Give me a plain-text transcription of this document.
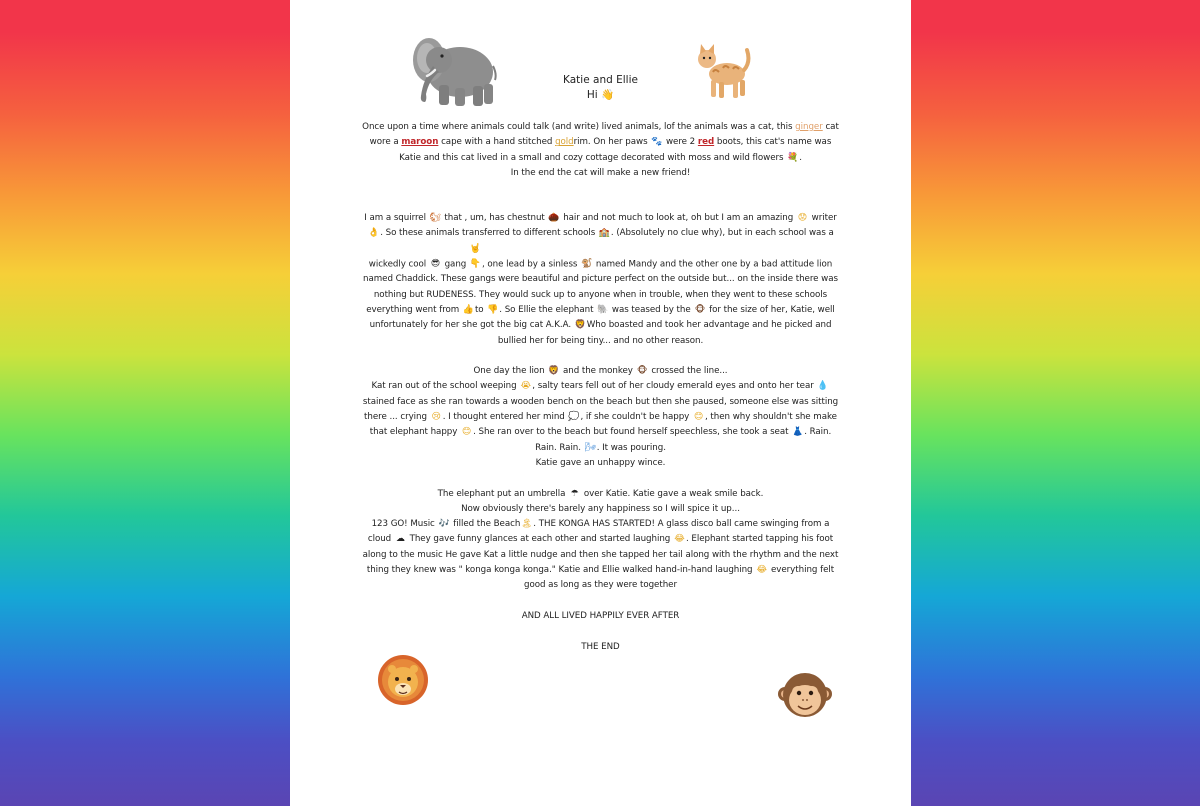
Katie and Ellie
Hi 👋

Once upon a time where animals could talk (and write) lived animals, lof the animals was a cat, this ginger cat wore a maroon cape with a hand stitched goldrim. On her paws 🐾 were 2 red boots, this cat's name was Katie and this cat lived in a small and cozy cottage decorated with moss and wild flowers 💐.
In the end the cat will make a new friend!

I am a squirrel 🐿 that , um, has chestnut 🌰 hair and not much to look at, oh but I am an amazing 😟 writer 👌. So these animals transferred to different schools 🏫. (Absolutely no clue why), but in each school was a wickedly cool 😎 gang 🤘👇, one lead by a sinless 🐒 named Mandy and the other one by a bad attitude lion named Chaddick. These gangs were beautiful and picture perfect on the outside but... on the inside there was nothing but RUDENESS. They would suck up to anyone when in trouble, when they went to these schools everything went from 👍to 👎. So Ellie the elephant 🐘 was teased by the 🐵 for the size of her, Katie, well unfortunately for her she got the big cat A.K.A. 🦁Who boasted and took her advantage and he picked and bullied her for being tiny... and no other reason.

One day the lion 🦁 and the monkey 🐵 crossed the line...
Kat ran out of the school weeping 😭, salty tears fell out of her cloudy emerald eyes and onto her tear 💧stained face as she ran towards a wooden bench on the beach but then she paused, someone else was sitting there ... crying 😢 . I thought entered her mind 💭, if she couldn't be happy 😊 , then why shouldn't she make that elephant happy 😊 . She ran over to the beach but found herself speechless, she took a seat 👗. Rain. Rain. Rain. 🌬. It was pouring.
Katie gave an unhappy wince.

The elephant put an umbrella ☂ over Katie. Katie gave a weak smile back.
Now obviously there's barely any happiness so I will spice it up...
123 GO! Music 🎶 filled the Beach🏝. THE KONGA HAS STARTED! A glass disco ball came swinging from a cloud ☁ They gave funny glances at each other and started laughing 😂. Elephant started tapping his foot along to the music He gave Kat a little nudge and then she tapped her tail along with the rhythm and the next thing they knew was " konga konga konga." Katie and Ellie walked hand-in-hand laughing 😂 everything felt good as long as they were together

AND ALL LIVED HAPPILY EVER AFTER

THE END
